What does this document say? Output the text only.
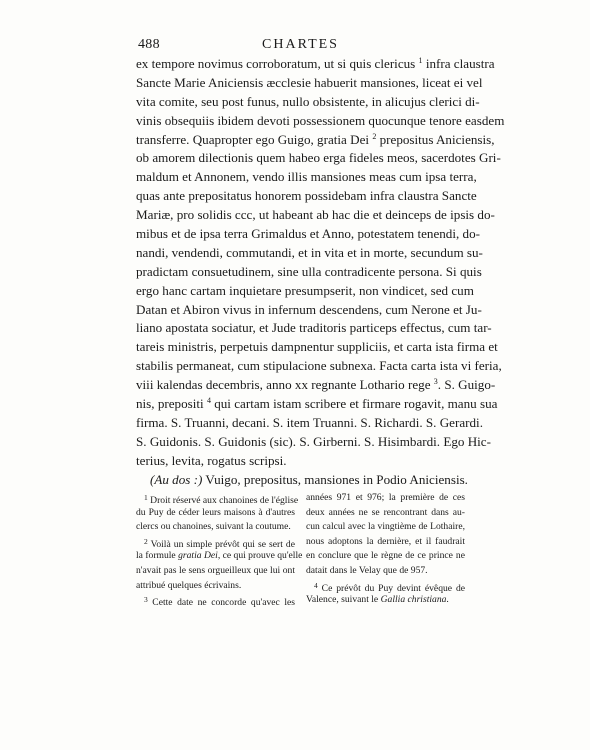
488	CHARTES
ex tempore novimus corroboratum, ut si quis clericus $^1$ infra claustra
Sancte Marie Aniciensis æcclesie habuerit mansiones, liceat ei vel
vita comite, seu post funus, nullo obsistente, in alicujus clerici di-
vinis obsequiis ibidem devoti possessionem quocunque tenore easdem
transferre. Quapropter ego Guigo, gratia Dei $^2$ prepositus Aniciensis,
ob amorem dilectionis quem habeo erga fideles meos, sacerdotes Gri-
maldum et Annonem, vendo illis mansiones meas cum ipsa terra,
quas ante prepositatus honorem possidebam infra claustra Sancte
Mariæ, pro solidis ccc, ut habeant ab hac die et deinceps de ipsis do-
mibus et de ipsa terra Grimaldus et Anno, potestatem tenendi, do-
nandi, vendendi, commutandi, et in vita et in morte, secundum su-
pradictam consuetudinem, sine ulla contradicente persona. Si quis
ergo hanc cartam inquietare presumpserit, non vindicet, sed cum
Datan et Abiron vivus in infernum descendens, cum Nerone et Ju-
liano apostata sociatur, et Jude traditoris particeps effectus, cum tar-
tareis ministris, perpetuis dampnentur suppliciis, et carta ista firma et
stabilis permaneat, cum stipulacione subnexa. Facta carta ista vi feria,
viii kalendas decembris, anno xx regnante Lothario rege $^3$. S. Guigo-
nis, prepositi $^4$ qui cartam istam scribere et firmare rogavit, manu sua
firma. S. Truanni, decani. S. item Truanni. S. Richardi. S. Gerardi.
S. Guidonis. S. Guidonis (sic). S. Girberni. S. Hisimbardi. Ego Hic-
terius, levita, rogatus scripsi.
(Au dos :) Vuigo, prepositus, mansiones in Podio Aniciensis.
$^1$ Droit réservé aux chanoines de l'église
du Puy de céder leurs maisons à d'autres
clercs ou chanoines, suivant la coutume.
$^2$ Voilà un simple prévôt qui se sert de
la formule gratia Dei, ce qui prouve qu'elle
n'avait pas le sens orgueilleux que lui ont
attribué quelques écrivains.
$^3$ Cette date ne concorde qu'avec les
années 971 et 976; la première de ces
deux années ne se rencontrant dans au-
cun calcul avec la vingtième de Lothaire,
nous adoptons la dernière, et il faudrait
en conclure que le règne de ce prince ne
datait dans le Velay que de 957.
$^4$ Ce prévôt du Puy devint évêque de
Valence, suivant le Gallia christiana.
